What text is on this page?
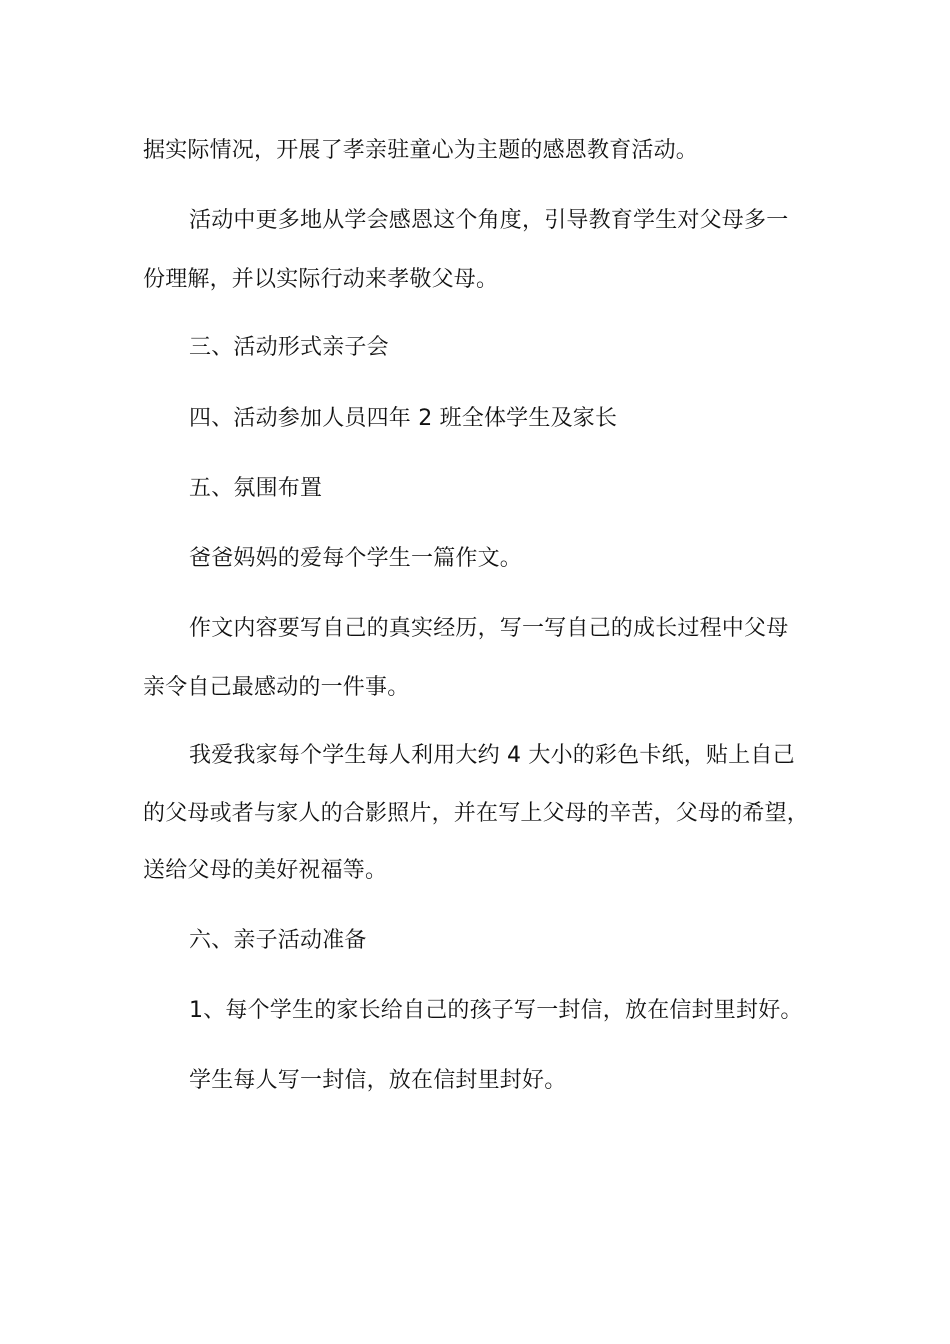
据实际情况，开展了孝亲驻童心为主题的感恩教育活动。
活动中更多地从学会感恩这个角度，引导教育学生对父母多一
份理解，并以实际行动来孝敬父母。
三、活动形式亲子会
四、活动参加人员四年 2 班全体学生及家长
五、氛围布置
爸爸妈妈的爱每个学生一篇作文。
作文内容要写自己的真实经历，写一写自己的成长过程中父母
亲令自己最感动的一件事。
我爱我家每个学生每人利用大约 4 大小的彩色卡纸，贴上自己
的父母或者与家人的合影照片，并在写上父母的辛苦，父母的希望，
送给父母的美好祝福等。
六、亲子活动准备
1、每个学生的家长给自己的孩子写一封信，放在信封里封好。
学生每人写一封信，放在信封里封好。
